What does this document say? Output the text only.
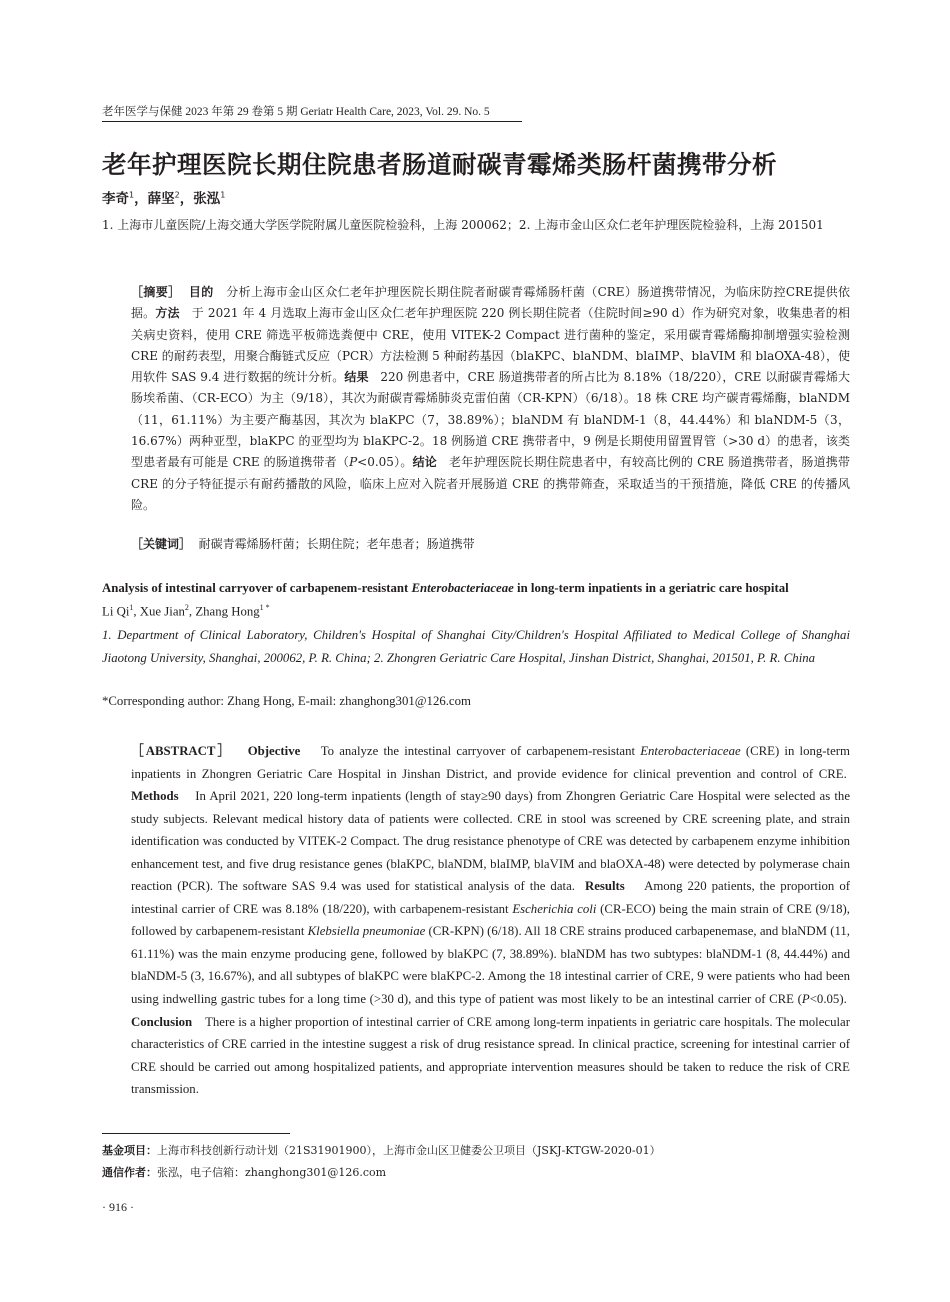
老年医学与保健 2023 年第 29 卷第 5 期 Geriatr Health Care, 2023, Vol. 29. No. 5
老年护理医院长期住院患者肠道耐碳青霉烯类肠杆菌携带分析
李奇$^1$，薛坚$^2$，张泓$^1$
1. 上海市儿童医院/上海交通大学医学院附属儿童医院检验科，上海 200062；2. 上海市金山区众仁老年护理医院检验科，上海 201501
［摘要］ 目的 分析上海市金山区众仁老年护理医院长期住院者耐碳青霉烯肠杆菌（CRE）肠道携带情况，为临床防控CRE提供依据。方法 于 2021 年 4 月选取上海市金山区众仁老年护理医院 220 例长期住院者（住院时间≥90 d）作为研究对象，收集患者的相关病史资料，使用 CRE 筛选平板筛选粪便中 CRE，使用 VITEK-2 Compact 进行菌种的鉴定，采用碳青霉烯酶抑制增强实验检测 CRE 的耐药表型，用聚合酶链式反应（PCR）方法检测 5 种耐药基因（blaKPC、blaNDM、blaIMP、blaVIM 和 blaOXA-48），使用软件 SAS 9.4 进行数据的统计分析。结果 220 例患者中，CRE 肠道携带者的所占比为 8.18%（18/220），CRE 以耐碳青霉烯大肠埃希菌、（CR-ECO）为主（9/18），其次为耐碳青霉烯肺炎克雷伯菌（CR-KPN）（6/18）。18 株 CRE 均产碳青霉烯酶，blaNDM（11，61.11%）为主要产酶基因，其次为 blaKPC（7，38.89%）；blaNDM 有 blaNDM-1（8，44.44%）和 blaNDM-5（3，16.67%）两种亚型，blaKPC 的亚型均为 blaKPC-2。18 例肠道 CRE 携带者中，9 例是长期使用留置胃管（>30 d）的患者，该类型患者最有可能是 CRE 的肠道携带者（P<0.05）。结论 老年护理医院长期住院患者中，有较高比例的 CRE 肠道携带者，肠道携带 CRE 的分子特征提示有耐药播散的风险，临床上应对入院者开展肠道 CRE 的携带筛查，采取适当的干预措施，降低 CRE 的传播风险。
［关键词］ 耐碳青霉烯肠杆菌；长期住院；老年患者；肠道携带
Analysis of intestinal carryover of carbapenem-resistant Enterobacteriaceae in long-term inpatients in a geriatric care hospital
Li Qi$^1$, Xue Jian$^2$, Zhang Hong$^{1 *}$
1. Department of Clinical Laboratory, Children's Hospital of Shanghai City/Children's Hospital Affiliated to Medical College of Shanghai Jiaotong University, Shanghai, 200062, P. R. China; 2. Zhongren Geriatric Care Hospital, Jinshan District, Shanghai, 201501, P. R. China
*Corresponding author: Zhang Hong, E-mail: zhanghong301@126.com
［ABSTRACT］ Objective To analyze the intestinal carryover of carbapenem-resistant Enterobacteriaceae (CRE) in long-term inpatients in Zhongren Geriatric Care Hospital in Jinshan District, and provide evidence for clinical prevention and control of CRE.  Methods In April 2021, 220 long-term inpatients (length of stay≥90 days) from Zhongren Geriatric Care Hospital were selected as the study subjects. Relevant medical history data of patients were collected. CRE in stool was screened by CRE screening plate, and strain identification was conducted by VITEK-2 Compact. The drug resistance phenotype of CRE was detected by carbapenem enzyme inhibition enhancement test, and five drug resistance genes (blaKPC, blaNDM, blaIMP, blaVIM and blaOXA-48) were detected by polymerase chain reaction (PCR). The software SAS 9.4 was used for statistical analysis of the data. Results Among 220 patients, the proportion of intestinal carrier of CRE was 8.18% (18/220), with carbapenem-resistant Escherichia coli (CR-ECO) being the main strain of CRE (9/18), followed by carbapenem-resistant Klebsiella pneumoniae (CR-KPN) (6/18). All 18 CRE strains produced carbapenemase, and blaNDM (11, 61.11%) was the main enzyme producing gene, followed by blaKPC (7, 38.89%). blaNDM has two subtypes: blaNDM-1 (8, 44.44%) and blaNDM-5 (3, 16.67%), and all subtypes of blaKPC were blaKPC-2. Among the 18 intestinal carrier of CRE, 9 were patients who had been using indwelling gastric tubes for a long time (>30 d), and this type of patient was most likely to be an intestinal carrier of CRE (P<0.05).  Conclusion There is a higher proportion of intestinal carrier of CRE among long-term inpatients in geriatric care hospitals. The molecular characteristics of CRE carried in the intestine suggest a risk of drug resistance spread. In clinical practice, screening for intestinal carrier of CRE should be carried out among hospitalized patients, and appropriate intervention measures should be taken to reduce the risk of CRE transmission.
基金项目：上海市科技创新行动计划（21S31901900），上海市金山区卫健委公卫项目（JSKJ-KTGW-2020-01）
通信作者：张泓，电子信箱：zhanghong301@126.com
· 916 ·
